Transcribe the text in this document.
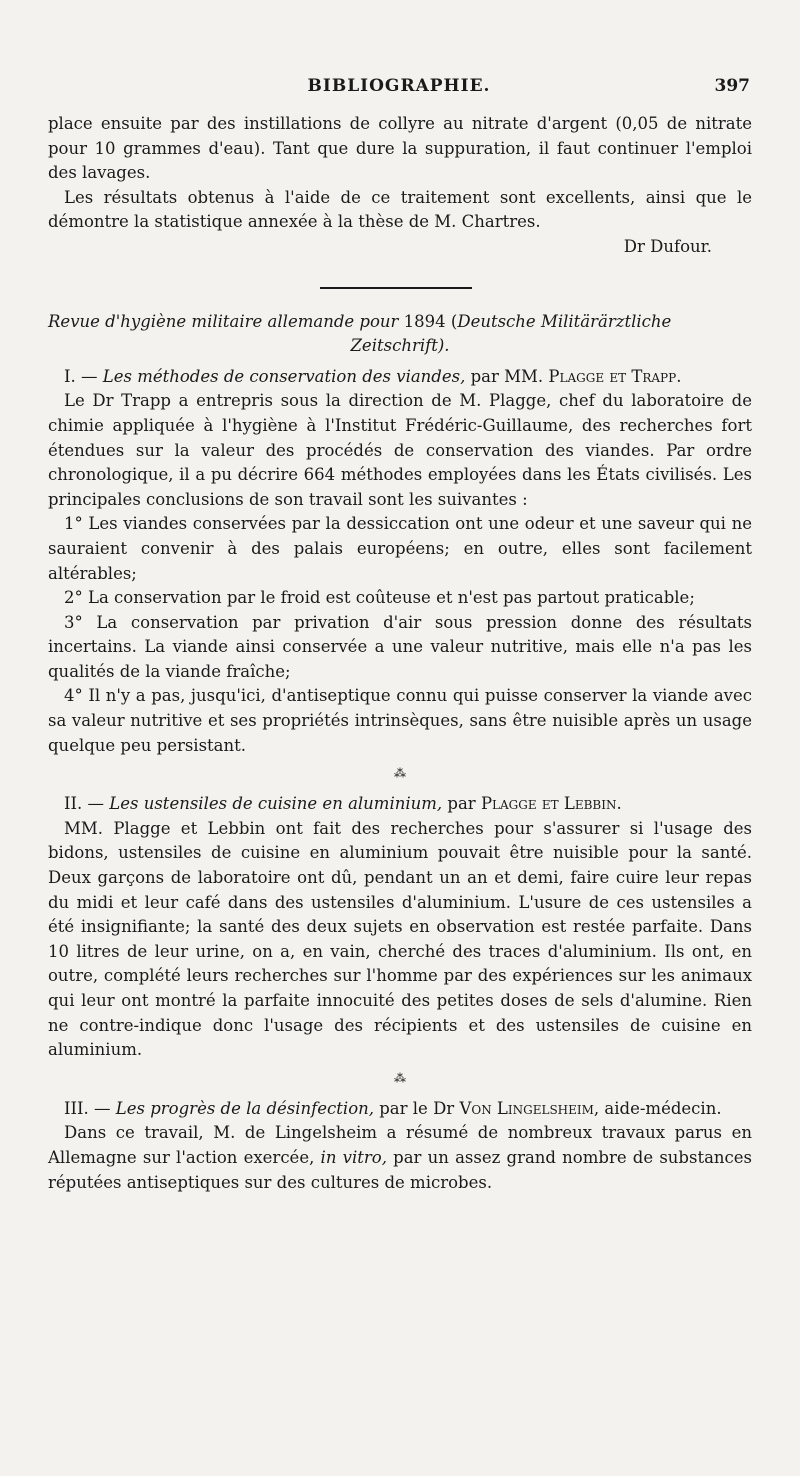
BIBLIOGRAPHIE.	397

place ensuite par des instillations de collyre au nitrate d'argent (0,05 de nitrate pour 10 grammes d'eau). Tant que dure la suppuration, il faut continuer l'emploi des lavages.

Les résultats obtenus à l'aide de ce traitement sont excellents, ainsi que le démontre la statistique annexée à la thèse de M. Chartres.

Dr Dufour.

Revue d'hygiène militaire allemande pour 1894 (Deutsche Militärärztliche
Zeitschrift).

I. — Les méthodes de conservation des viandes, par MM. Plagge et Trapp.

Le Dr Trapp a entrepris sous la direction de M. Plagge, chef du laboratoire de chimie appliquée à l'hygiène à l'Institut Frédéric-Guillaume, des recherches fort étendues sur la valeur des procédés de conservation des viandes. Par ordre chronologique, il a pu décrire 664 méthodes employées dans les États civilisés. Les principales conclusions de son travail sont les suivantes :

1° Les viandes conservées par la dessiccation ont une odeur et une saveur qui ne sauraient convenir à des palais européens; en outre, elles sont facilement altérables;

2° La conservation par le froid est coûteuse et n'est pas partout praticable;

3° La conservation par privation d'air sous pression donne des résultats incertains. La viande ainsi conservée a une valeur nutritive, mais elle n'a pas les qualités de la viande fraîche;

4° Il n'y a pas, jusqu'ici, d'antiseptique connu qui puisse conserver la viande avec sa valeur nutritive et ses propriétés intrinsèques, sans être nuisible après un usage quelque peu persistant.

⁂

II. — Les ustensiles de cuisine en aluminium, par Plagge et Lebbin.

MM. Plagge et Lebbin ont fait des recherches pour s'assurer si l'usage des bidons, ustensiles de cuisine en aluminium pouvait être nuisible pour la santé. Deux garçons de laboratoire ont dû, pendant un an et demi, faire cuire leur repas du midi et leur café dans des ustensiles d'aluminium. L'usure de ces ustensiles a été insignifiante; la santé des deux sujets en observation est restée parfaite. Dans 10 litres de leur urine, on a, en vain, cherché des traces d'aluminium. Ils ont, en outre, complété leurs recherches sur l'homme par des expériences sur les animaux qui leur ont montré la parfaite innocuité des petites doses de sels d'alumine. Rien ne contre-indique donc l'usage des récipients et des ustensiles de cuisine en aluminium.

⁂

III. — Les progrès de la désinfection, par le Dr Von Lingelsheim, aide-médecin.

Dans ce travail, M. de Lingelsheim a résumé de nombreux travaux parus en Allemagne sur l'action exercée, in vitro, par un assez grand nombre de substances réputées antiseptiques sur des cultures de microbes.
